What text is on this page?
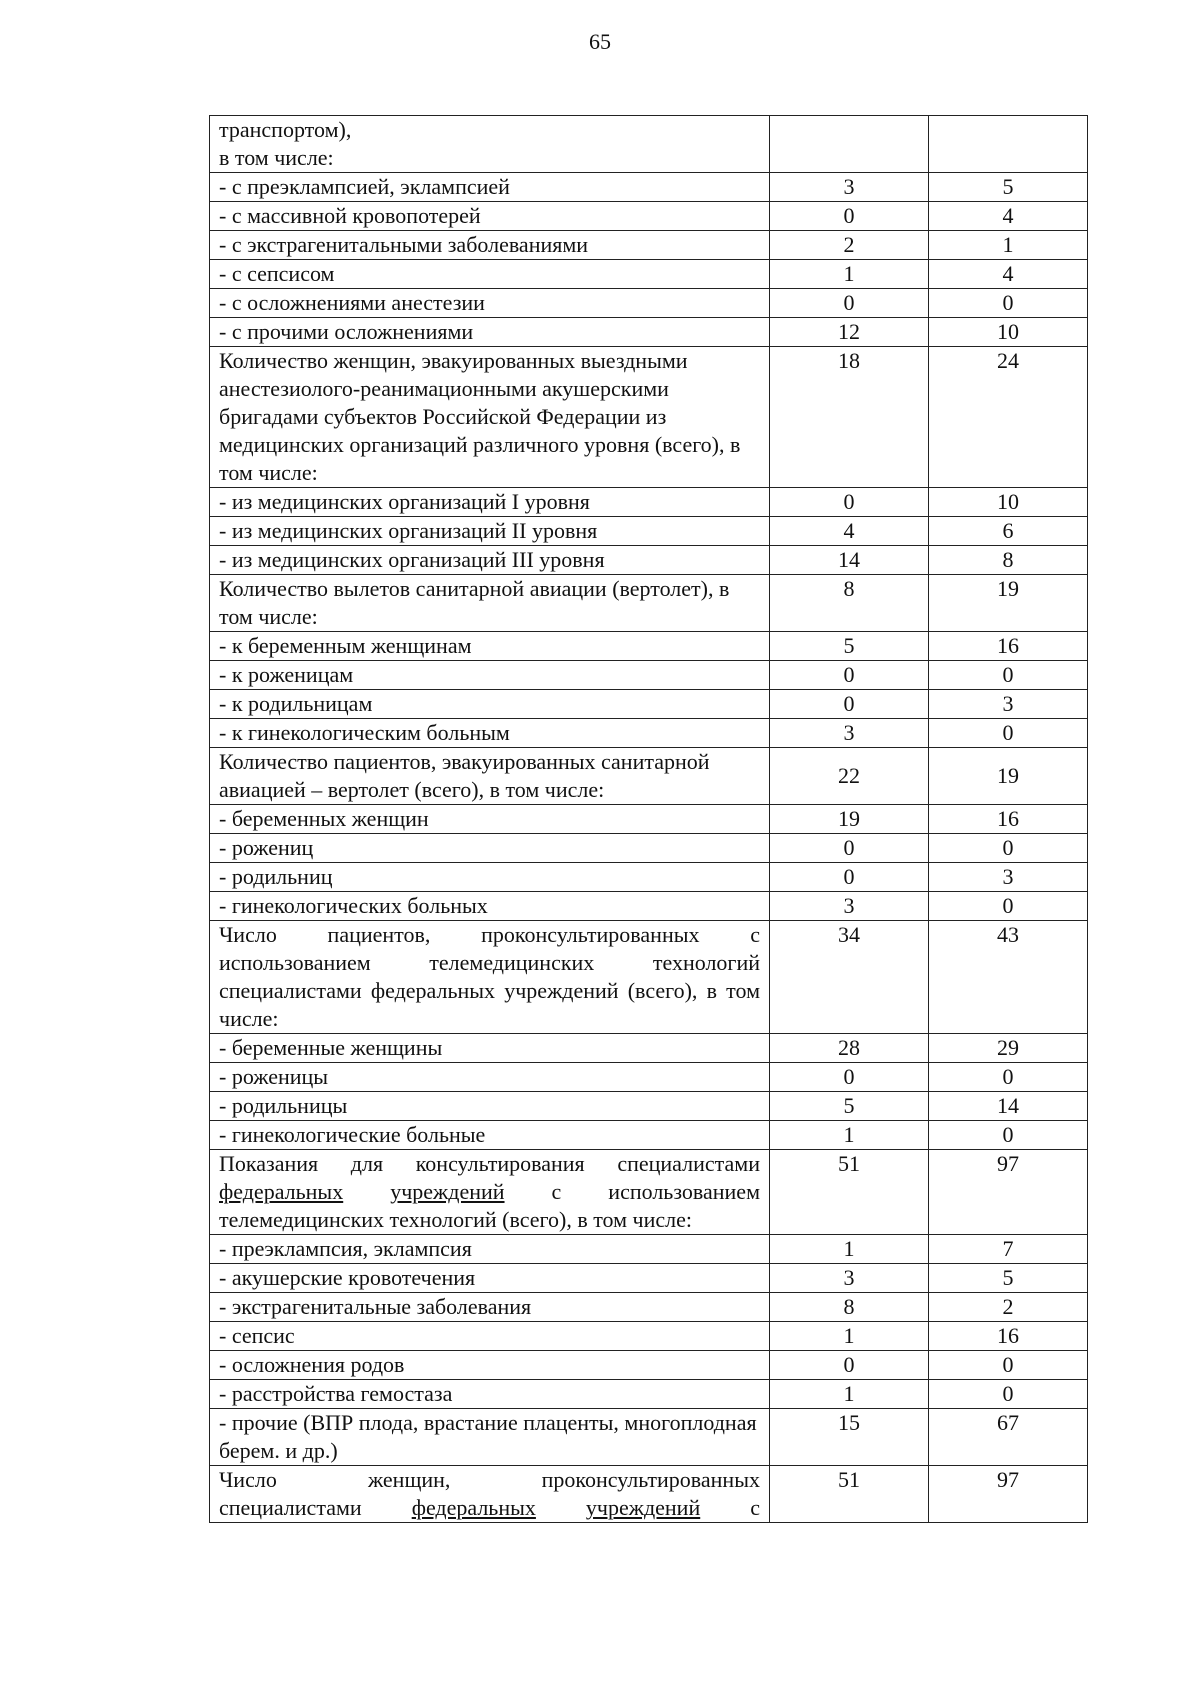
65
транспортом),
в том числе:		
- с преэклампсией, эклампсией	3	5
- с массивной кровопотерей	0	4
- с экстрагенитальными заболеваниями	2	1
- с сепсисом	1	4
- с осложнениями анестезии	0	0
- с прочими осложнениями	12	10
Количество женщин, эвакуированных выездными анестезиолого-реанимационными акушерскими бригадами субъектов Российской Федерации из медицинских организаций различного уровня (всего), в том числе:	18	24
- из медицинских организаций I уровня	0	10
- из медицинских организаций II уровня	4	6
- из медицинских организаций III уровня	14	8
Количество вылетов санитарной авиации (вертолет), в том числе:	8	19
- к беременным женщинам	5	16
- к роженицам	0	0
- к родильницам	0	3
- к гинекологическим больным	3	0
Количество пациентов, эвакуированных санитарной авиацией – вертолет (всего), в том числе:	22	19
- беременных женщин	19	16
- рожениц	0	0
- родильниц	0	3
- гинекологических больных	3	0
Число пациентов, проконсультированных с использованием телемедицинских технологий специалистами федеральных учреждений (всего), в том числе:	34	43
- беременные женщины	28	29
- роженицы	0	0
- родильницы	5	14
- гинекологические больные	1	0
Показания для консультирования специалистами федеральных учреждений с использованием телемедицинских технологий (всего), в том числе:	51	97
- преэклампсия, эклампсия	1	7
- акушерские кровотечения	3	5
- экстрагенитальные заболевания	8	2
- сепсис	1	16
- осложнения родов	0	0
- расстройства гемостаза	1	0
- прочие (ВПР плода, врастание плаценты, многоплодная берем. и др.)	15	67

Число женщин, проконсультированных
специалистами федеральных учреждений с	51	97
